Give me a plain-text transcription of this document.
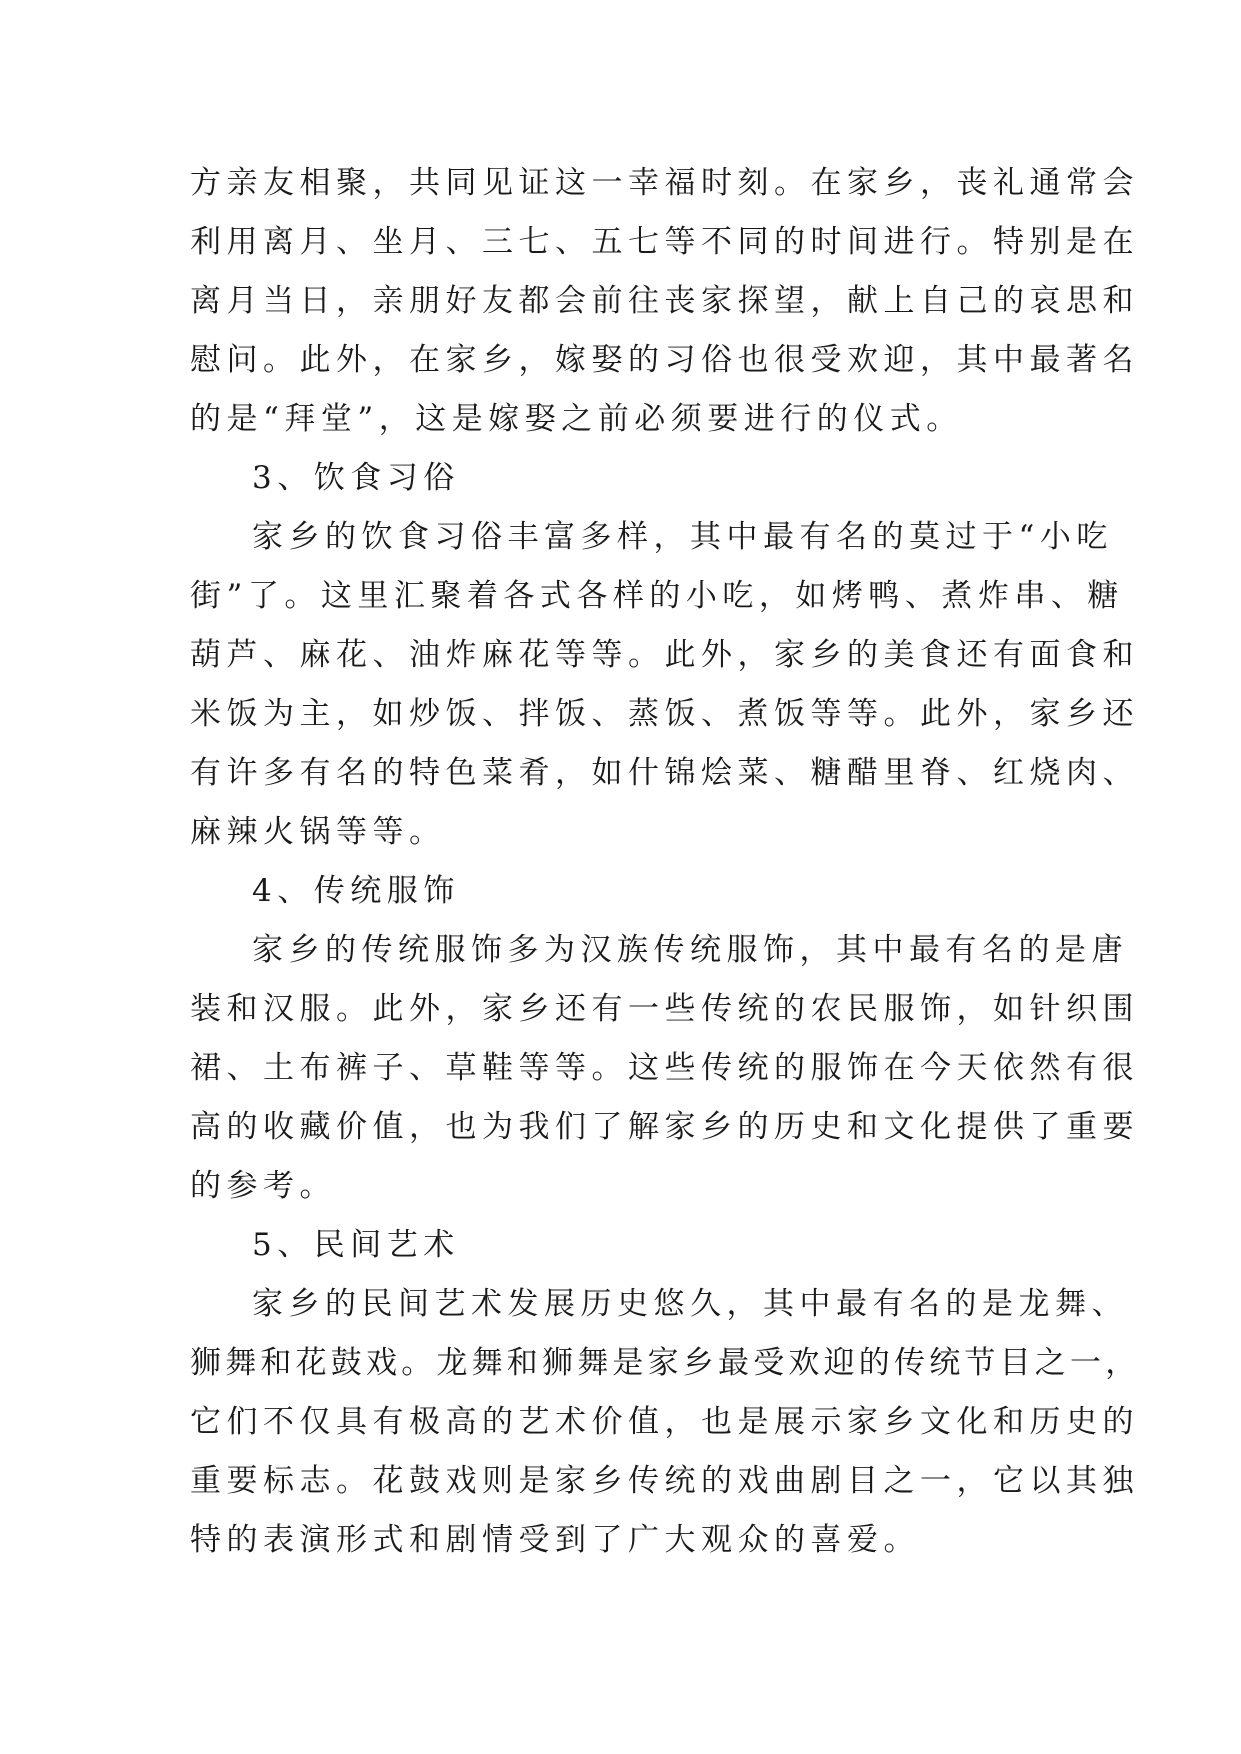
方亲友相聚，共同见证这一幸福时刻。在家乡，丧礼通常会
利用离月、坐月、三七、五七等不同的时间进行。特别是在
离月当日，亲朋好友都会前往丧家探望，献上自己的哀思和
慰问。此外，在家乡，嫁娶的习俗也很受欢迎，其中最著名
的是“拜堂”，这是嫁娶之前必须要进行的仪式。
3、饮食习俗
家乡的饮食习俗丰富多样，其中最有名的莫过于“小吃
街”了。这里汇聚着各式各样的小吃，如烤鸭、煮炸串、糖
葫芦、麻花、油炸麻花等等。此外，家乡的美食还有面食和
米饭为主，如炒饭、拌饭、蒸饭、煮饭等等。此外，家乡还
有许多有名的特色菜肴，如什锦烩菜、糖醋里脊、红烧肉、
麻辣火锅等等。
4、传统服饰
家乡的传统服饰多为汉族传统服饰，其中最有名的是唐
装和汉服。此外，家乡还有一些传统的农民服饰，如针织围
裙、土布裤子、草鞋等等。这些传统的服饰在今天依然有很
高的收藏价值，也为我们了解家乡的历史和文化提供了重要
的参考。
5、民间艺术
家乡的民间艺术发展历史悠久，其中最有名的是龙舞、
狮舞和花鼓戏。龙舞和狮舞是家乡最受欢迎的传统节目之一，
它们不仅具有极高的艺术价值，也是展示家乡文化和历史的
重要标志。花鼓戏则是家乡传统的戏曲剧目之一，它以其独
特的表演形式和剧情受到了广大观众的喜爱。
